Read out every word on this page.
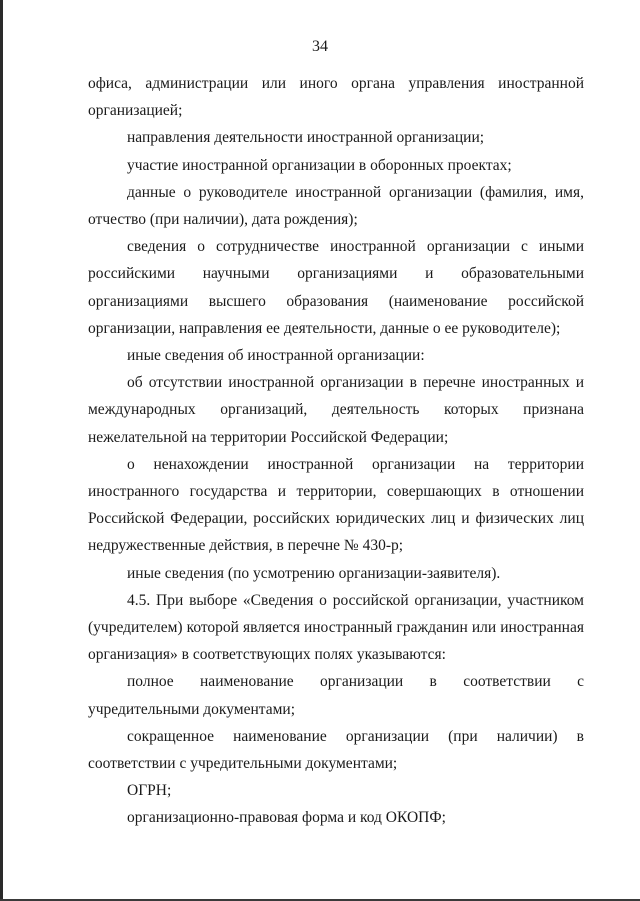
34

офиса, администрации или иного органа управления иностранной организацией;

направления деятельности иностранной организации;

участие иностранной организации в оборонных проектах;

данные о руководителе иностранной организации (фамилия, имя, отчество (при наличии), дата рождения);

сведения о сотрудничестве иностранной организации с иными российскими научными организациями и образовательными организациями высшего образования (наименование российской организации, направления ее деятельности, данные о ее руководителе);

иные сведения об иностранной организации:

об отсутствии иностранной организации в перечне иностранных и международных организаций, деятельность которых признана нежелательной на территории Российской Федерации;

о ненахождении иностранной организации на территории иностранного государства и территории, совершающих в отношении Российской Федерации, российских юридических лиц и физических лиц недружественные действия, в перечне № 430-р;

иные сведения (по усмотрению организации-заявителя).

4.5. При выборе «Сведения о российской организации, участником (учредителем) которой является иностранный гражданин или иностранная организация» в соответствующих полях указываются:

полное наименование организации в соответствии с учредительными документами;

сокращенное наименование организации (при наличии) в соответствии с учредительными документами;

ОГРН;

организационно-правовая форма и код ОКОПФ;
